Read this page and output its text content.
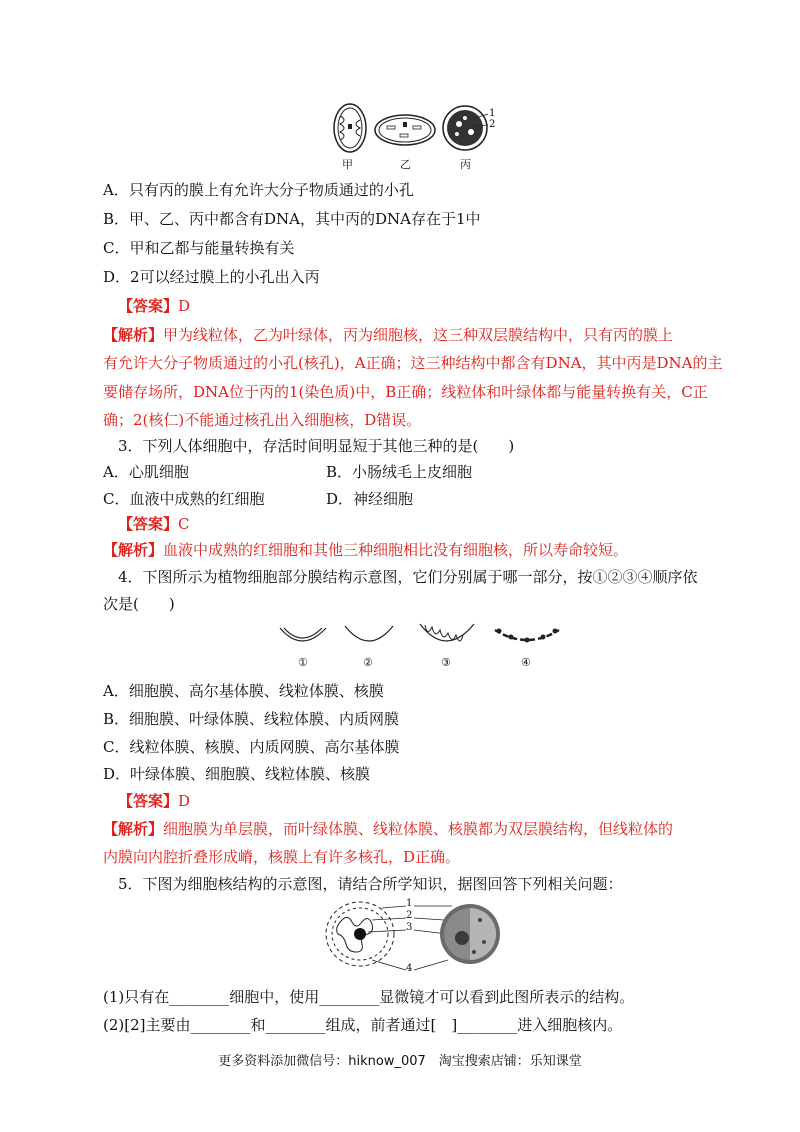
1
2
甲	乙	丙
A．只有丙的膜上有允许大分子物质通过的小孔
B．甲、乙、丙中都含有DNA，其中丙的DNA存在于1中
C．甲和乙都与能量转换有关
D．2可以经过膜上的小孔出入丙
【答案】D
【解析】甲为线粒体，乙为叶绿体，丙为细胞核，这三种双层膜结构中，只有丙的膜上
有允许大分子物质通过的小孔(核孔)，A正确；这三种结构中都含有DNA，其中丙是DNA的主
要储存场所，DNA位于丙的1(染色质)中，B正确；线粒体和叶绿体都与能量转换有关，C正
确；2(核仁)不能通过核孔出入细胞核，D错误。
3．下列人体细胞中，存活时间明显短于其他三种的是(　　)
A．心肌细胞	B．小肠绒毛上皮细胞
C．血液中成熟的红细胞	D．神经细胞
【答案】C
【解析】血液中成熟的红细胞和其他三种细胞相比没有细胞核，所以寿命较短。
4．下图所示为植物细胞部分膜结构示意图，它们分别属于哪一部分，按①②③④顺序依
次是(　　)
①	②	③	④
A．细胞膜、高尔基体膜、线粒体膜、核膜
B．细胞膜、叶绿体膜、线粒体膜、内质网膜
C．线粒体膜、核膜、内质网膜、高尔基体膜
D．叶绿体膜、细胞膜、线粒体膜、核膜
【答案】D
【解析】细胞膜为单层膜，而叶绿体膜、线粒体膜、核膜都为双层膜结构，但线粒体的
内膜向内腔折叠形成嵴，核膜上有许多核孔，D正确。
5．下图为细胞核结构的示意图，请结合所学知识，据图回答下列相关问题：
1
2
3
4
(1)只有在________细胞中，使用________显微镜才可以看到此图所表示的结构。
(2)[2]主要由________和________组成，前者通过[　]________进入细胞核内。
更多资料添加微信号：hiknow_007　淘宝搜索店铺：乐知课堂
